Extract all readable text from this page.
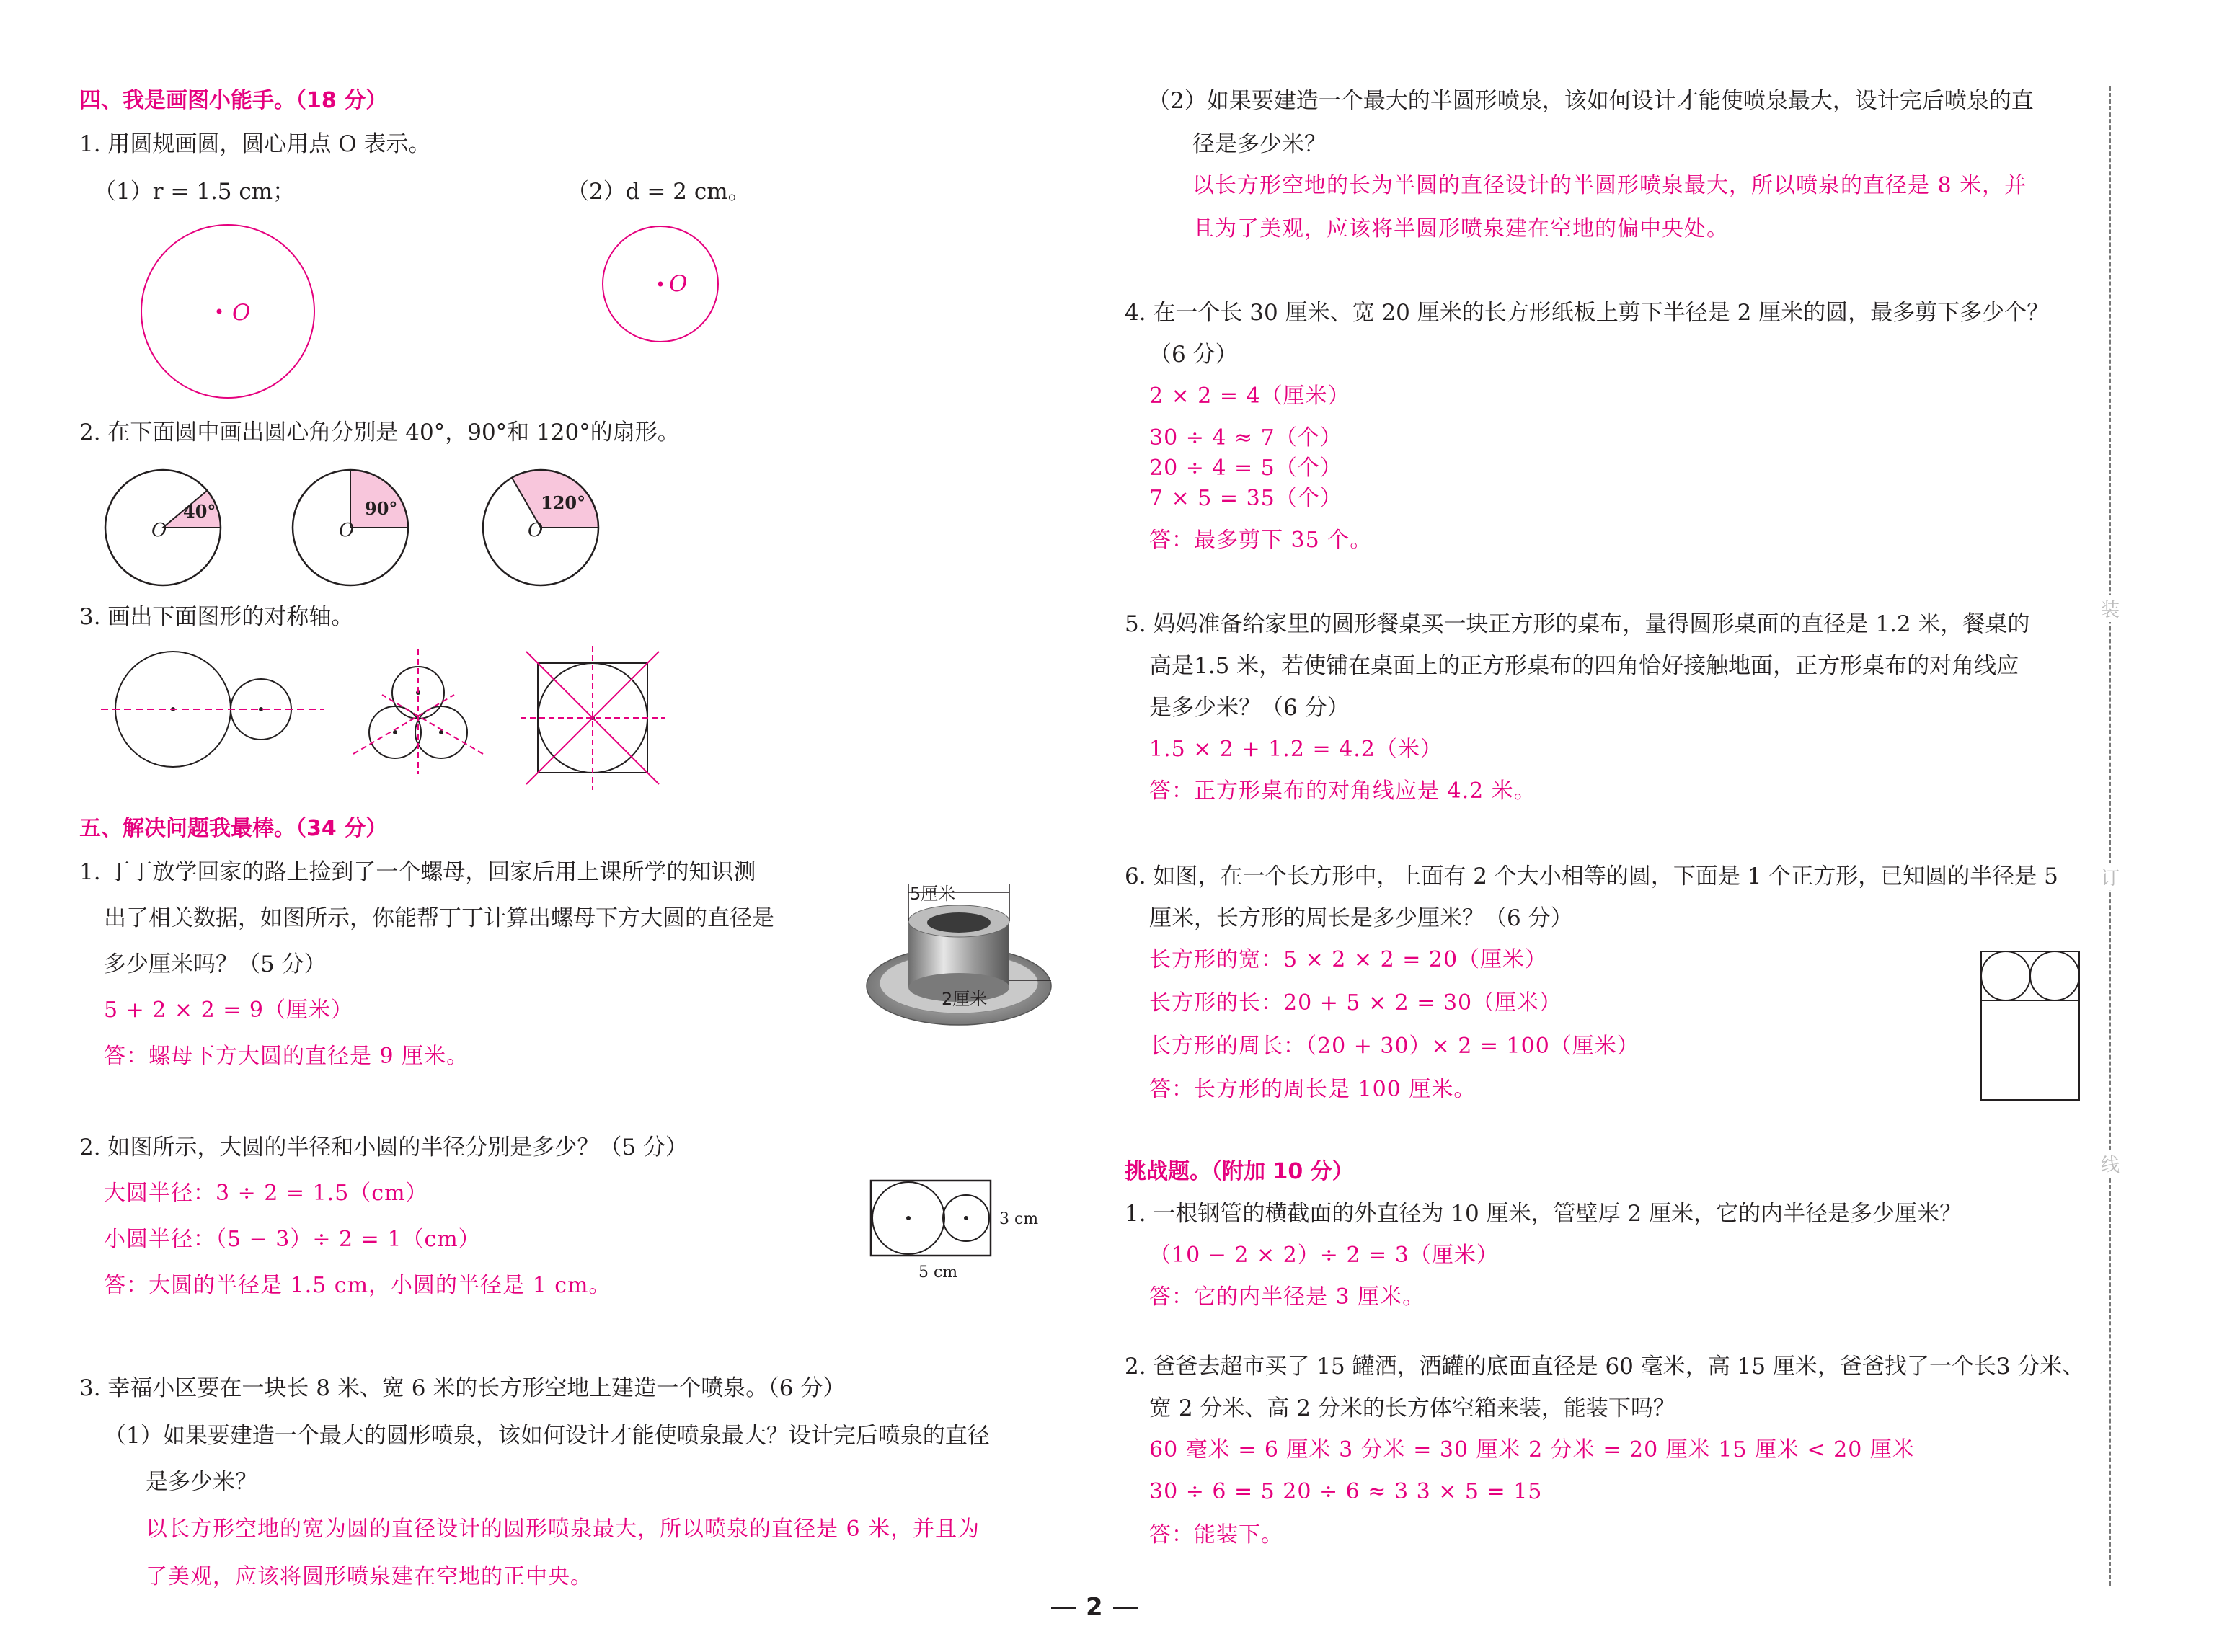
四、我是画图小能手。（18 分）
1. 用圆规画圆，圆心用点 O 表示。
（1）r = 1.5 cm；	（2）d = 2 cm。
O
O
2. 在下面圆中画出圆心角分别是 40°，90°和 120°的扇形。
40°
O
90°
O
120°
O
3. 画出下面图形的对称轴。
五、解决问题我最棒。（34 分）
1. 丁丁放学回家的路上捡到了一个螺母，回家后用上课所学的知识测
出了相关数据，如图所示，你能帮丁丁计算出螺母下方大圆的直径是
多少厘米吗？（5 分）
5 + 2 × 2 = 9（厘米）
答：螺母下方大圆的直径是 9 厘米。
5厘米
2厘米
2. 如图所示，大圆的半径和小圆的半径分别是多少？（5 分）
大圆半径：3 ÷ 2 = 1.5（cm）
小圆半径：（5 − 3）÷ 2 = 1（cm）
答：大圆的半径是 1.5 cm，小圆的半径是 1 cm。
3 cm
5 cm
3. 幸福小区要在一块长 8 米、宽 6 米的长方形空地上建造一个喷泉。（6 分）
（1）如果要建造一个最大的圆形喷泉，该如何设计才能使喷泉最大？设计完后喷泉的直径
是多少米？
以长方形空地的宽为圆的直径设计的圆形喷泉最大，所以喷泉的直径是 6 米，并且为
了美观，应该将圆形喷泉建在空地的正中央。
（2）如果要建造一个最大的半圆形喷泉，该如何设计才能使喷泉最大，设计完后喷泉的直
径是多少米？
以长方形空地的长为半圆的直径设计的半圆形喷泉最大，所以喷泉的直径是 8 米，并
且为了美观，应该将半圆形喷泉建在空地的偏中央处。
4. 在一个长 30 厘米、宽 20 厘米的长方形纸板上剪下半径是 2 厘米的圆，最多剪下多少个？
（6 分）
2 × 2 = 4（厘米）
30 ÷ 4 ≈ 7（个）
20 ÷ 4 = 5（个）
7 × 5 = 35（个）
答：最多剪下 35 个。
5. 妈妈准备给家里的圆形餐桌买一块正方形的桌布，量得圆形桌面的直径是 1.2 米，餐桌的
高是1.5 米，若使铺在桌面上的正方形桌布的四角恰好接触地面，正方形桌布的对角线应
是多少米？（6 分）
1.5 × 2 + 1.2 = 4.2（米）
答：正方形桌布的对角线应是 4.2 米。
6. 如图，在一个长方形中，上面有 2 个大小相等的圆，下面是 1 个正方形，已知圆的半径是 5
厘米，长方形的周长是多少厘米？（6 分）
长方形的宽：5 × 2 × 2 = 20（厘米）
长方形的长：20 + 5 × 2 = 30（厘米）
长方形的周长：（20 + 30）× 2 = 100（厘米）
答：长方形的周长是 100 厘米。
挑战题。（附加 10 分）
1. 一根钢管的横截面的外直径为 10 厘米，管壁厚 2 厘米，它的内半径是多少厘米？
（10 − 2 × 2）÷ 2 = 3（厘米）
答：它的内半径是 3 厘米。
2. 爸爸去超市买了 15 罐酒，酒罐的底面直径是 60 毫米，高 15 厘米，爸爸找了一个长3 分米、
宽 2 分米、高 2 分米的长方体空箱来装，能装下吗？
60 毫米 = 6 厘米 3 分米 = 30 厘米 2 分米 = 20 厘米 15 厘米 < 20 厘米
30 ÷ 6 = 5 20 ÷ 6 ≈ 3 3 × 5 = 15
答：能装下。
装
订
线
2
